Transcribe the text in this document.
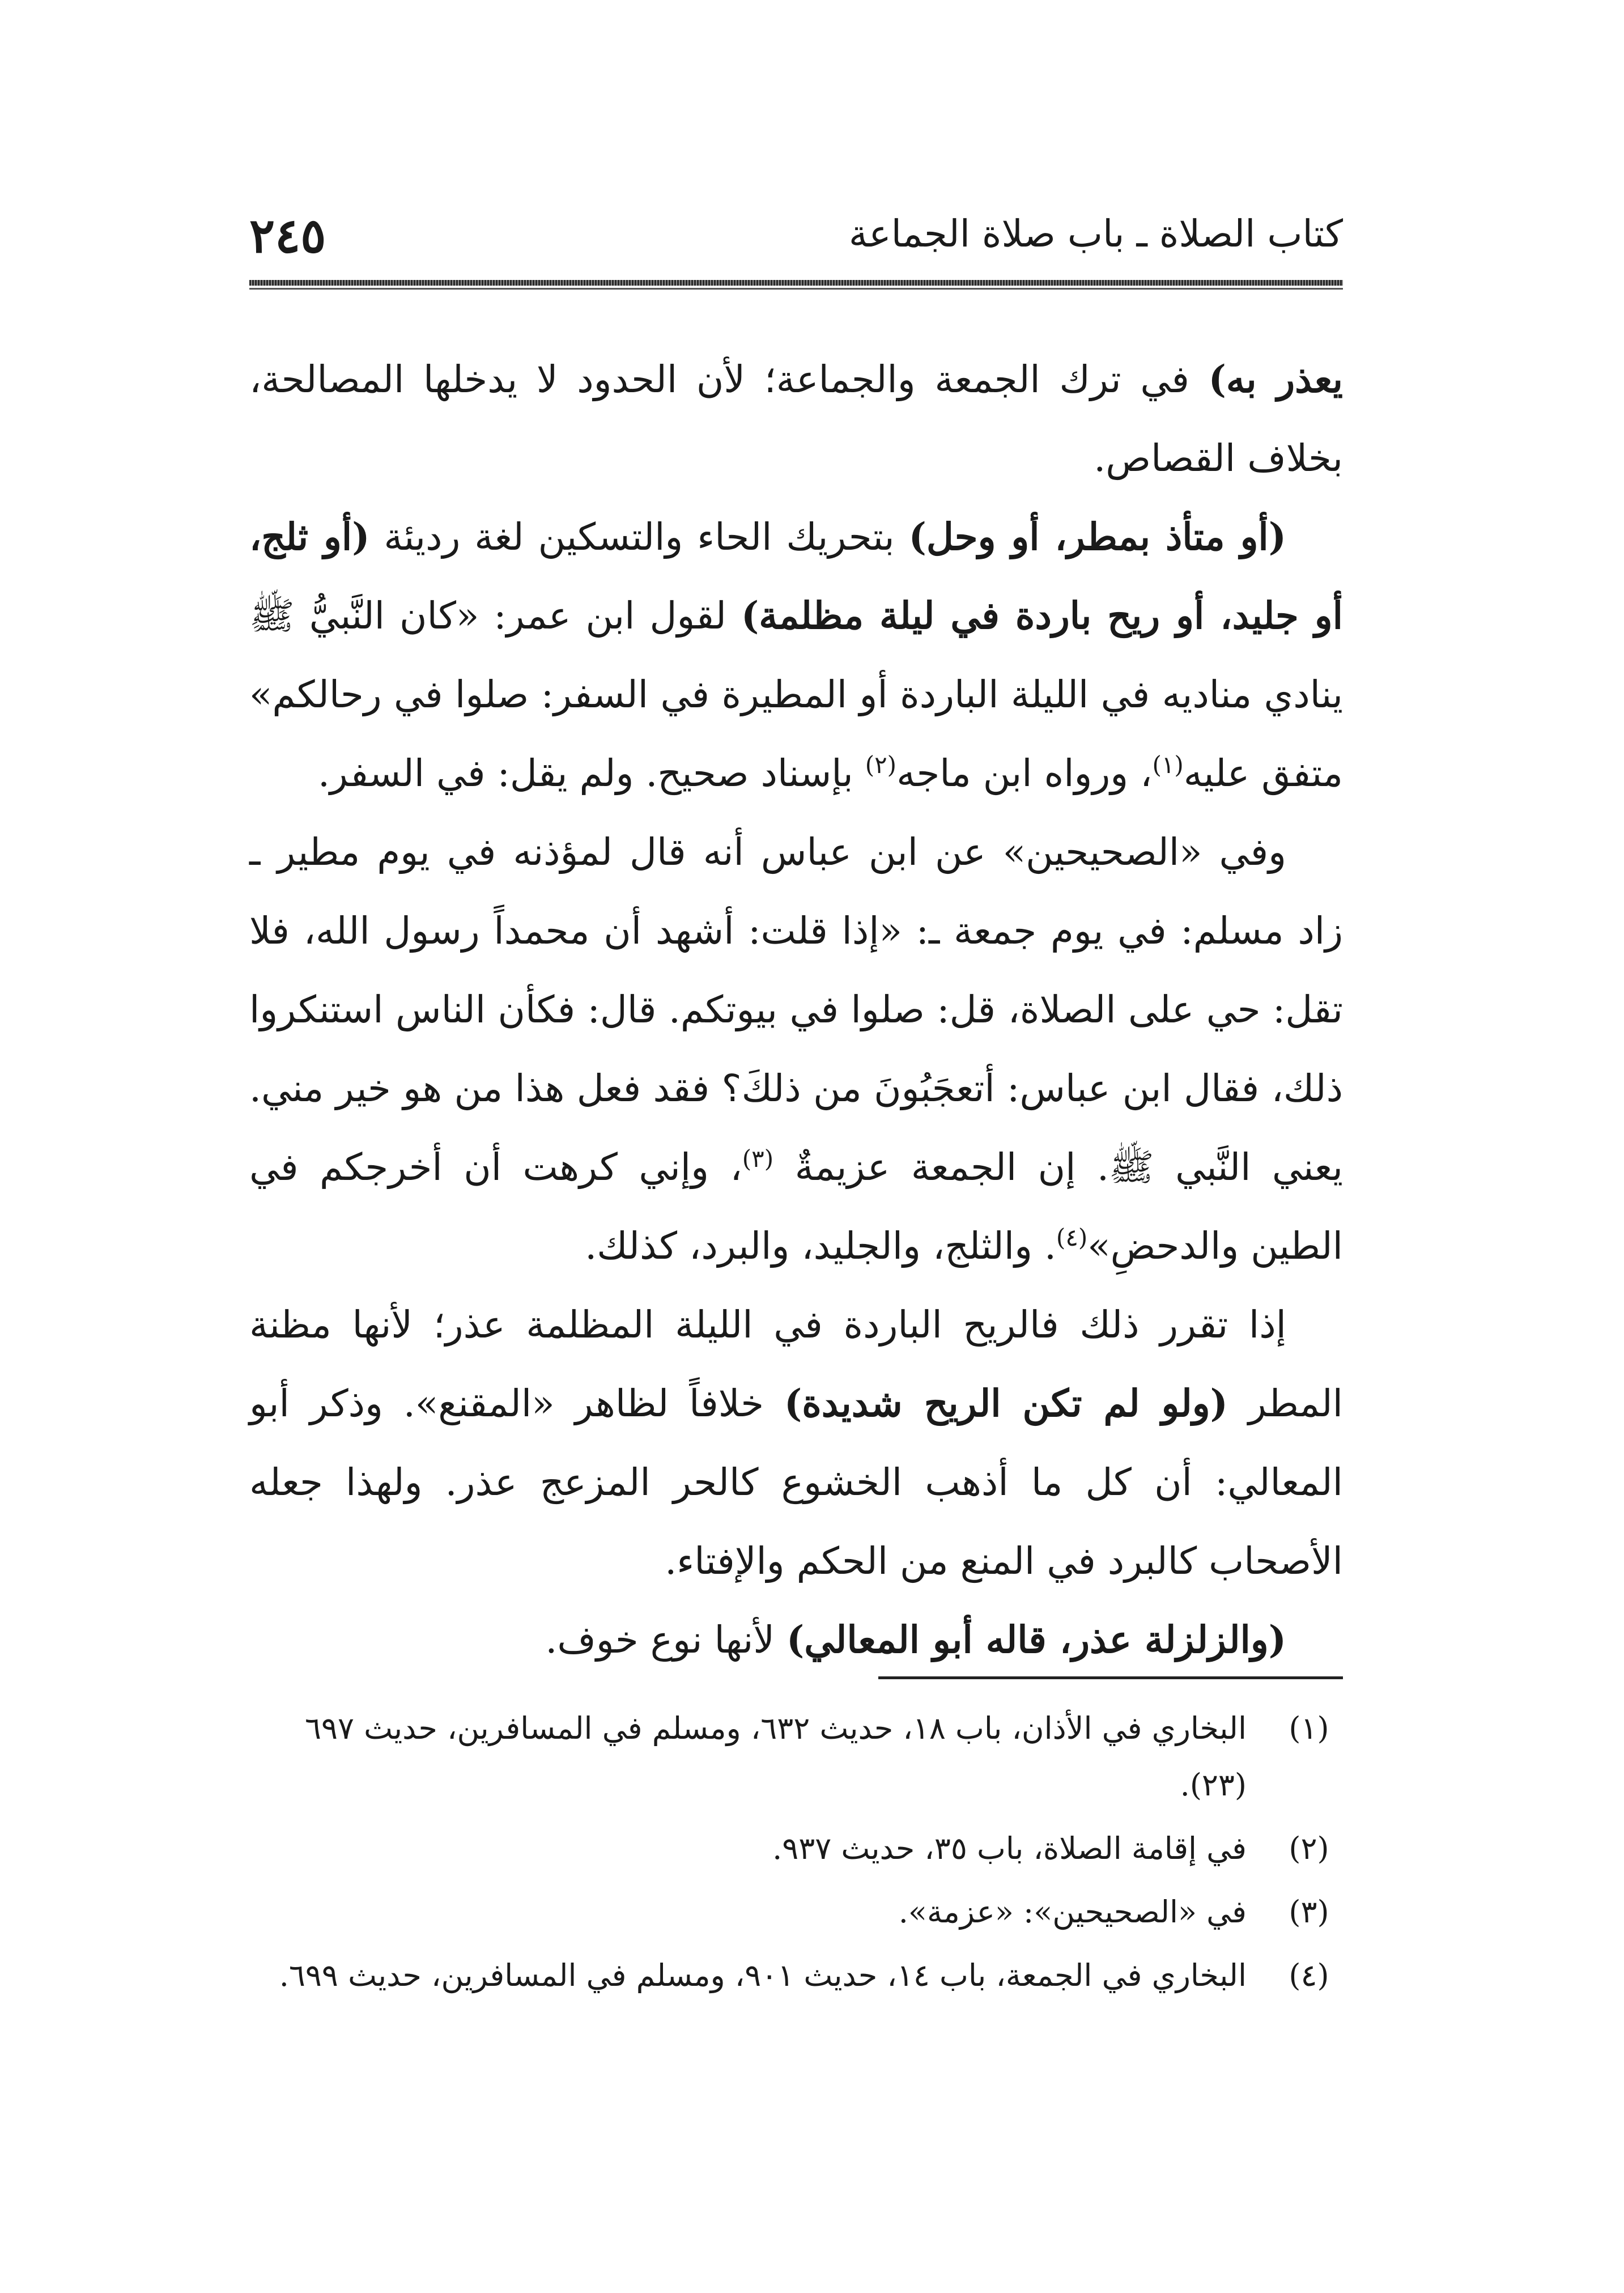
كتاب الصلاة ـ باب صلاة الجماعة
٢٤٥

يعذر به) في ترك الجمعة والجماعة؛ لأن الحدود لا يدخلها المصالحة، بخلاف القصاص.

(أو متأذ بمطر، أو وحل) بتحريك الحاء والتسكين لغة رديئة (أو ثلج، أو جليد، أو ريح باردة في ليلة مظلمة) لقول ابن عمر: «كان النَّبيُّ ﷺ ينادي مناديه في الليلة الباردة أو المطيرة في السفر: صلوا في رحالكم» متفق عليه$^{(١)}$، ورواه ابن ماجه$^{(٢)}$ بإسناد صحيح. ولم يقل: في السفر.

وفي «الصحيحين» عن ابن عباس أنه قال لمؤذنه في يوم مطير ـ زاد مسلم: في يوم جمعة ـ: «إذا قلت: أشهد أن محمداً رسول الله، فلا تقل: حي على الصلاة، قل: صلوا في بيوتكم. قال: فكأن الناس استنكروا ذلك، فقال ابن عباس: أتعجَبُونَ من ذلكَ؟ فقد فعل هذا من هو خير مني. يعني النَّبي ﷺ. إن الجمعة عزيمةٌ $^{(٣)}$، وإني كرهت أن أخرجكم في الطين والدحضِ»$^{(٤)}$. والثلج، والجليد، والبرد، كذلك.

إذا تقرر ذلك فالريح الباردة في الليلة المظلمة عذر؛ لأنها مظنة المطر (ولو لم تكن الريح شديدة) خلافاً لظاهر «المقنع». وذكر أبو المعالي: أن كل ما أذهب الخشوع كالحر المزعج عذر. ولهذا جعله الأصحاب كالبرد في المنع من الحكم والإفتاء.

(والزلزلة عذر، قاله أبو المعالي) لأنها نوع خوف.

(١)
البخاري في الأذان، باب ١٨، حديث ٦٣٢، ومسلم في المسافرين، حديث ٦٩٧ (٢٣).
(٢)
في إقامة الصلاة، باب ٣٥، حديث ٩٣٧.
(٣)
في «الصحيحين»: «عزمة».
(٤)
البخاري في الجمعة، باب ١٤، حديث ٩٠١، ومسلم في المسافرين، حديث ٦٩٩.
